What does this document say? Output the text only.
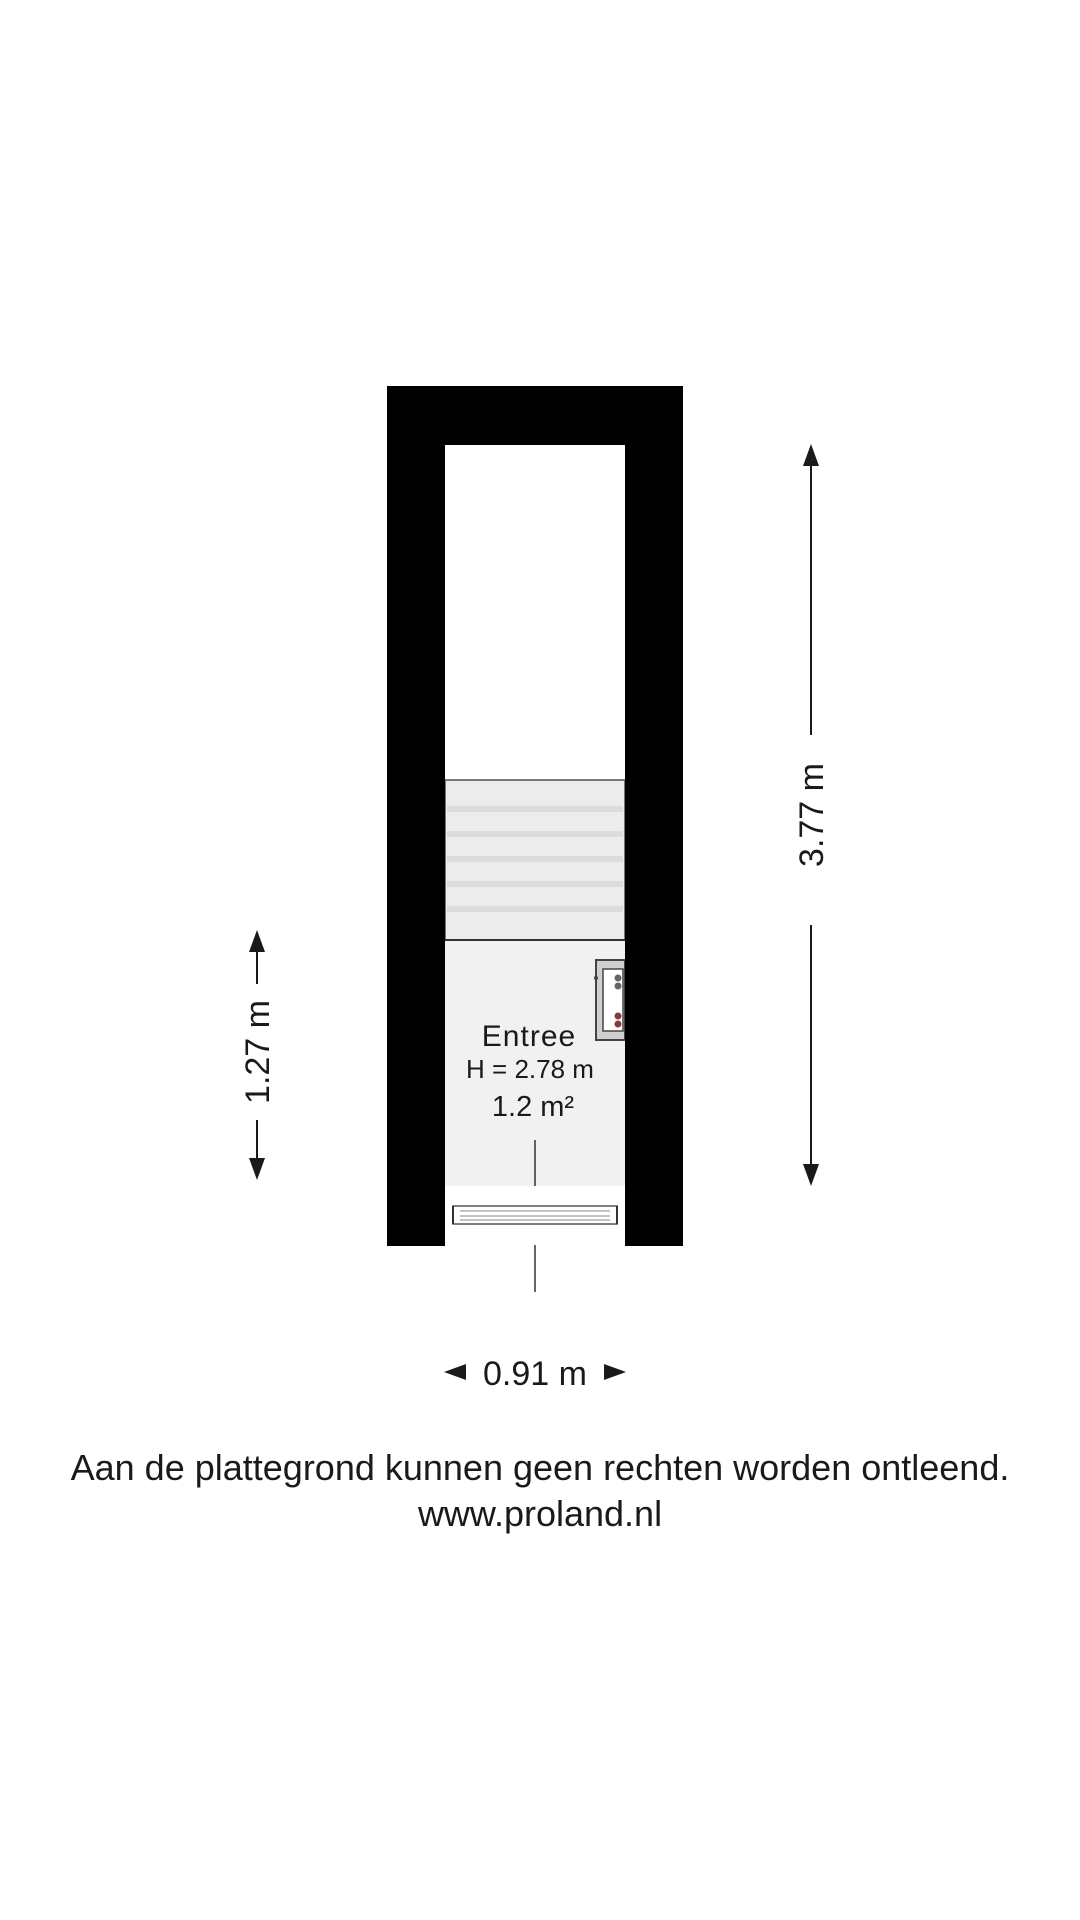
Entree
H = 2.78 m
1.2 m²
3.77 m
1.27 m
0.91 m
Aan de plattegrond kunnen geen rechten worden ontleend.
www.proland.nl
